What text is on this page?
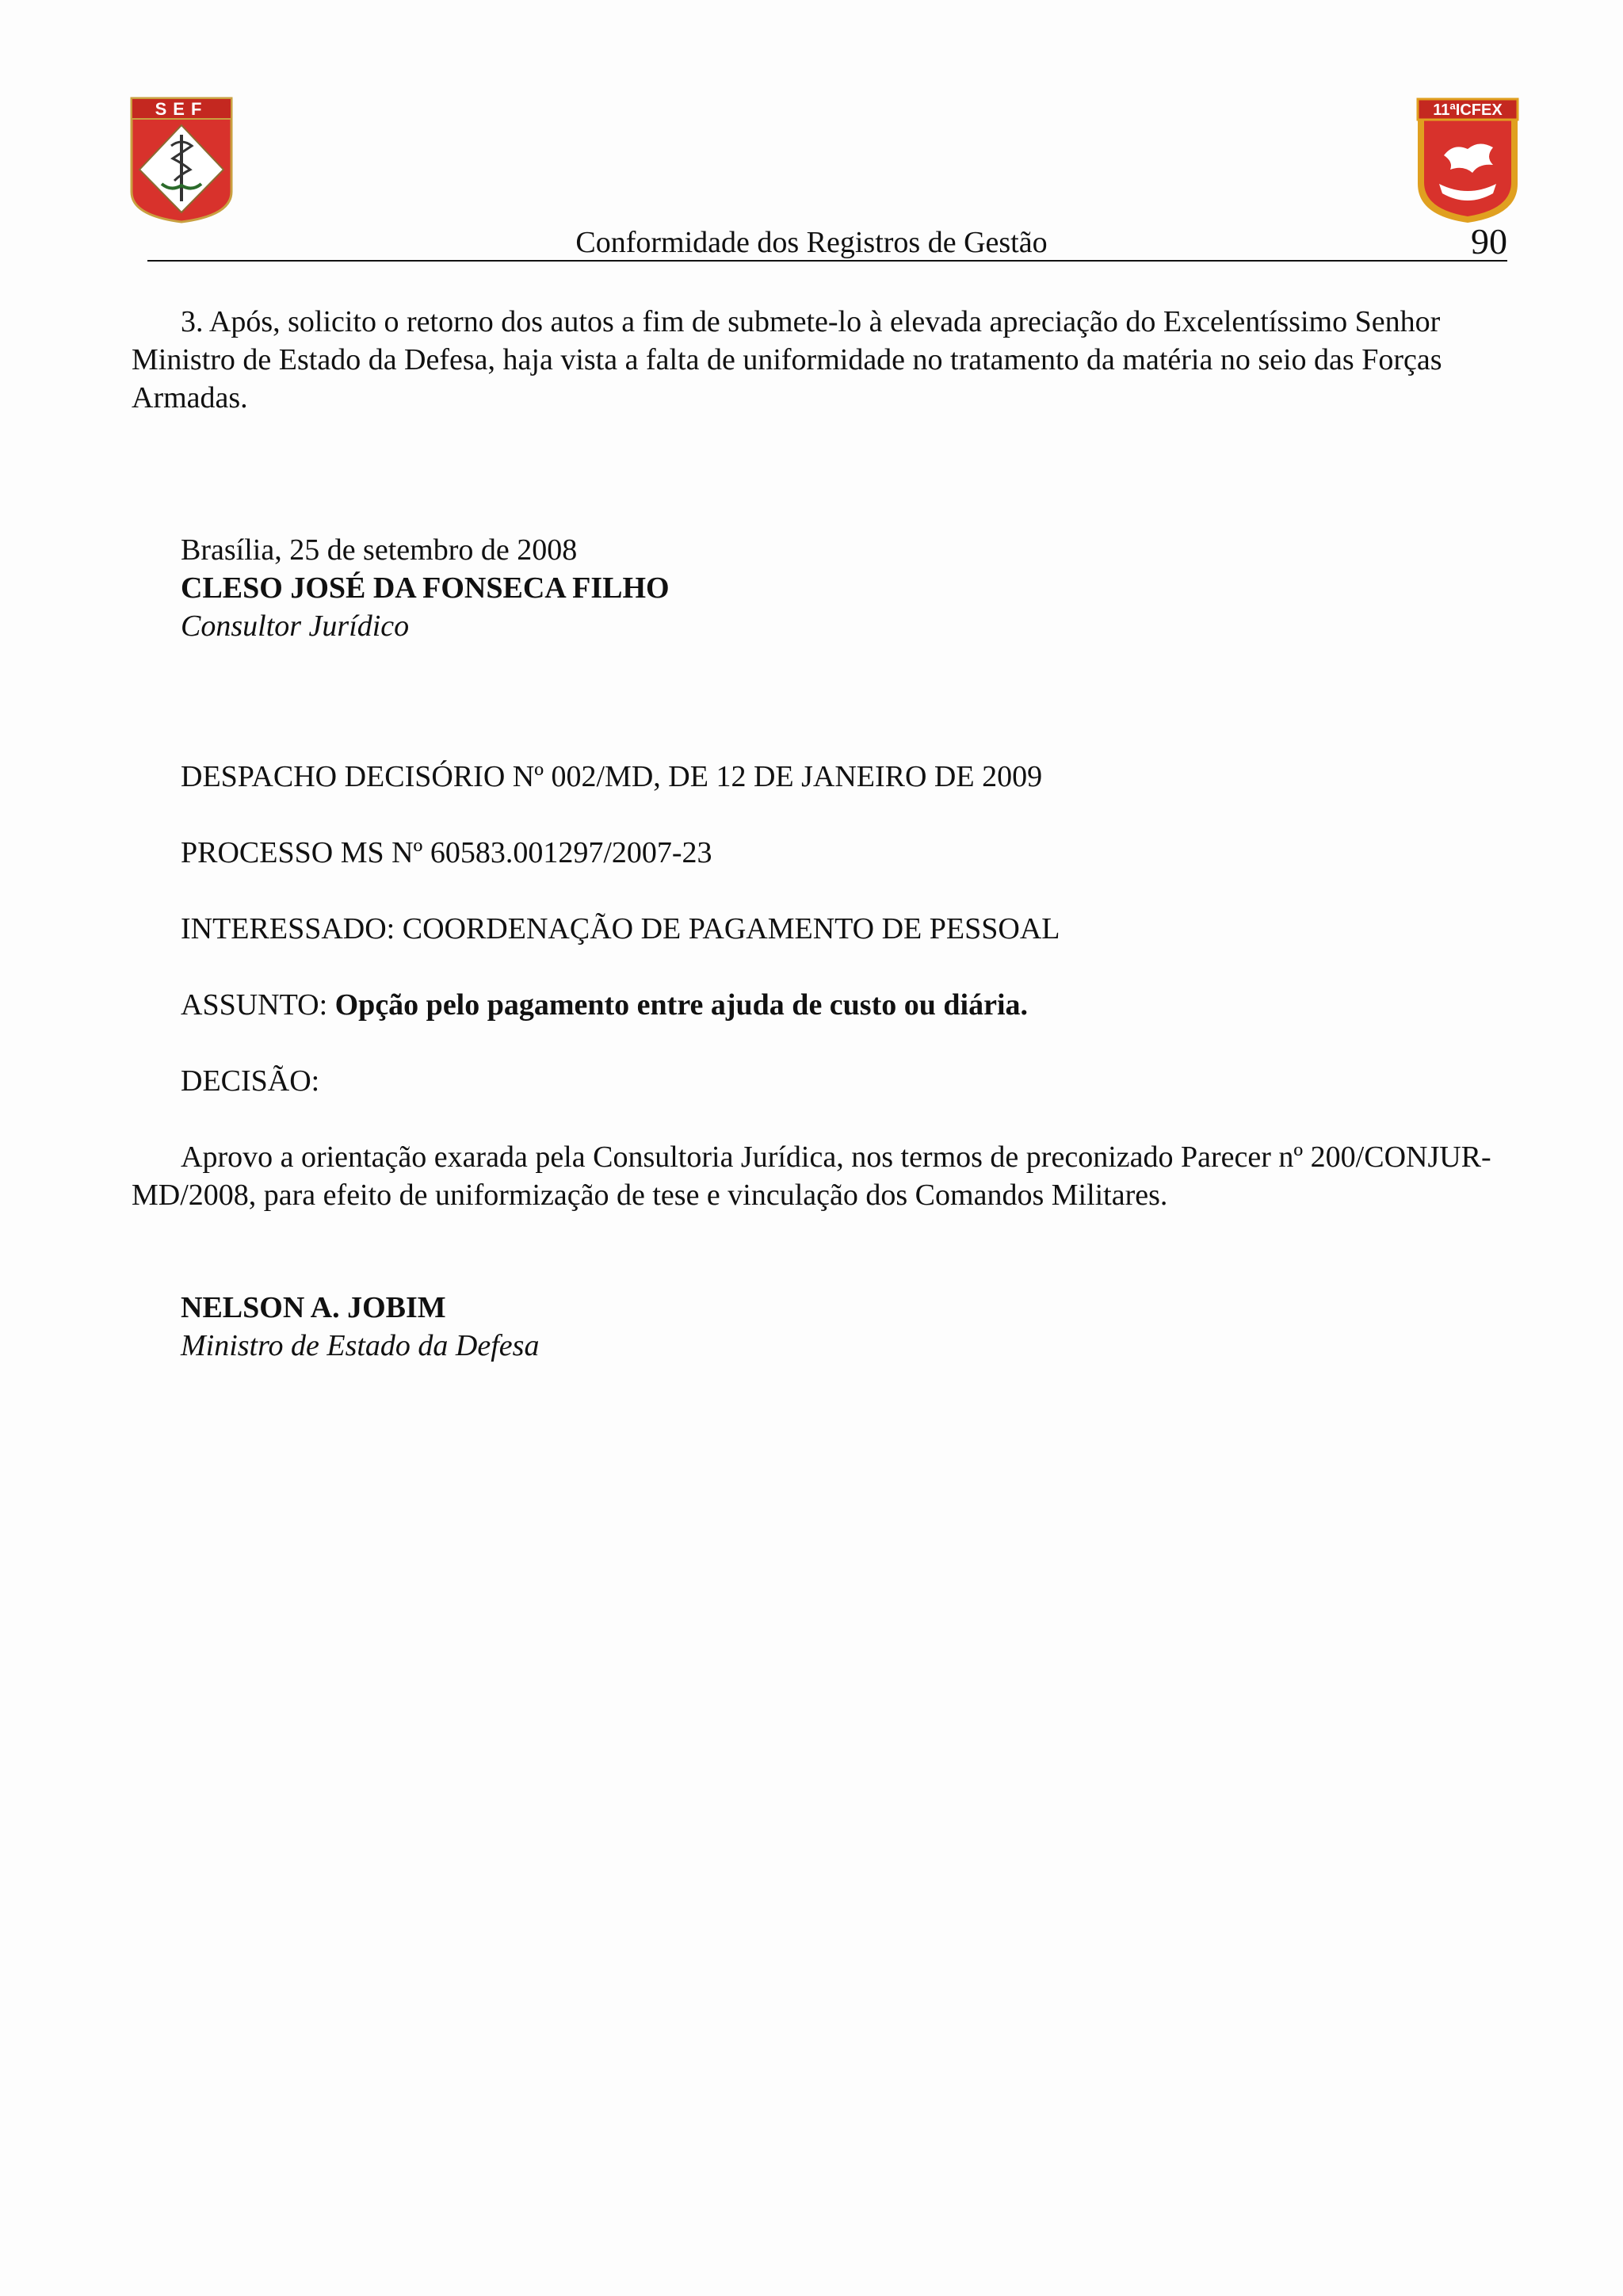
SEF	11ªICFEX
Conformidade dos Registros de Gestão	90
3. Após, solicito o retorno dos autos a fim de submete-lo à elevada apreciação do Excelentíssimo Senhor Ministro de Estado da Defesa, haja vista a falta de uniformidade no tratamento da matéria no seio das Forças Armadas.
Brasília, 25 de setembro de 2008
CLESO JOSÉ DA FONSECA FILHO
Consultor Jurídico
DESPACHO DECISÓRIO Nº 002/MD, DE 12 DE JANEIRO DE 2009
PROCESSO MS Nº 60583.001297/2007-23
INTERESSADO: COORDENAÇÃO DE PAGAMENTO DE PESSOAL
ASSUNTO: Opção pelo pagamento entre ajuda de custo ou diária.
DECISÃO:
Aprovo a orientação exarada pela Consultoria Jurídica, nos termos de preconizado Parecer nº 200/CONJUR-MD/2008, para efeito de uniformização de tese e vinculação dos Comandos Militares.
NELSON A. JOBIM
Ministro de Estado da Defesa
